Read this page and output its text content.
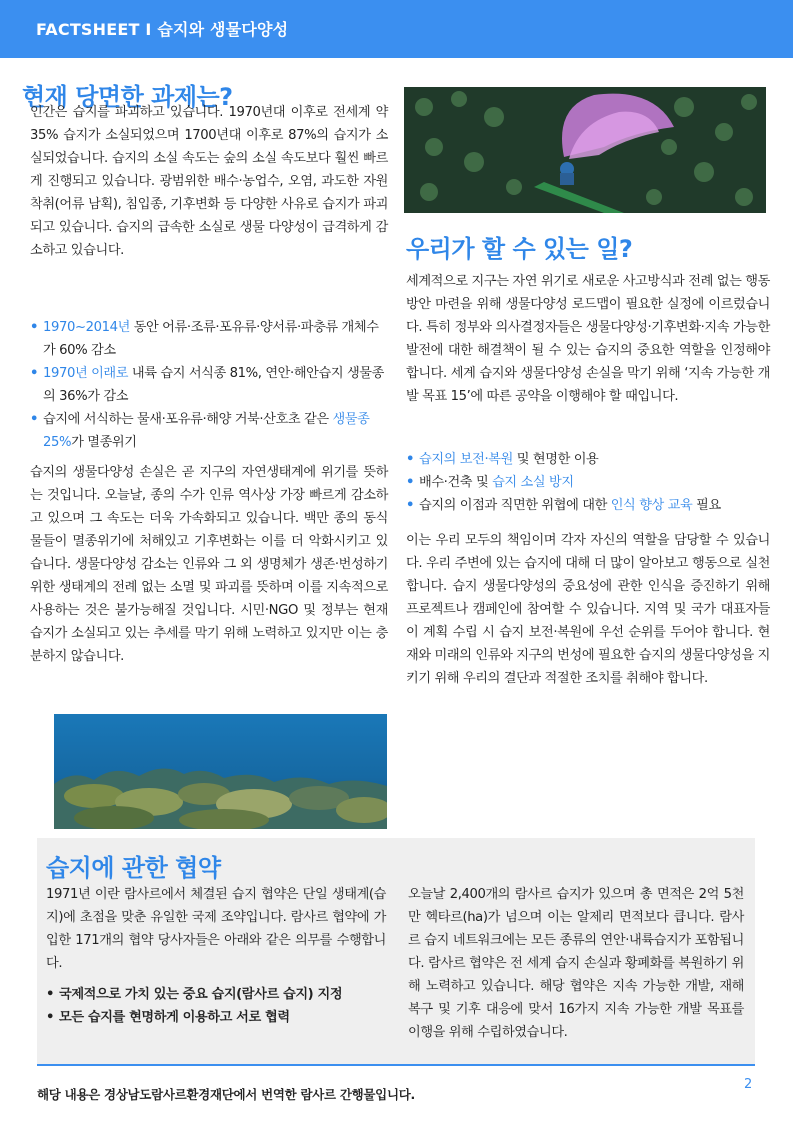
FACTSHEET I 습지와 생물다양성
현재 당면한 과제는?
인간은 습지를 파괴하고 있습니다. 1970년대 이후로 전세계 약 35% 습지가 소실되었으며 1700년대 이후로 87%의 습지가 소실되었습니다. 습지의 소실 속도는 숲의 소실 속도보다 훨씬 빠르게 진행되고 있습니다. 광범위한 배수·농업수, 오염, 과도한 자원 착취(어류 남획), 침입종, 기후변화 등 다양한 사유로 습지가 파괴되고 있습니다. 습지의 급속한 소실로 생물 다양성이 급격하게 감소하고 있습니다.
• 1970~2014년 동안 어류·조류·포유류·양서류·파충류 개체수가 60% 감소
• 1970년 이래로 내륙 습지 서식종 81%, 연안·해안습지 생물종의 36%가 감소
• 습지에 서식하는 물새·포유류·해양 거북·산호초 같은 생물종 25%가 멸종위기
습지의 생물다양성 손실은 곧 지구의 자연생태계에 위기를 뜻하는 것입니다. 오늘날, 종의 수가 인류 역사상 가장 빠르게 감소하고 있으며 그 속도는 더욱 가속화되고 있습니다. 백만 종의 동식물들이 멸종위기에 처해있고 기후변화는 이를 더 악화시키고 있습니다. 생물다양성 감소는 인류와 그 외 생명체가 생존·번성하기 위한 생태계의 전례 없는 소멸 및 파괴를 뜻하며 이를 지속적으로 사용하는 것은 불가능해질 것입니다. 시민·NGO 및 정부는 현재 습지가 소실되고 있는 추세를 막기 위해 노력하고 있지만 이는 충분하지 않습니다.
우리가 할 수 있는 일?
세계적으로 지구는 자연 위기로 새로운 사고방식과 전례 없는 행동 방안 마련을 위해 생물다양성 로드맵이 필요한 실정에 이르렀습니다. 특히 정부와 의사결정자들은 생물다양성·기후변화·지속 가능한 발전에 대한 해결책이 될 수 있는 습지의 중요한 역할을 인정해야합니다. 세계 습지와 생물다양성 손실을 막기 위해 ‘지속 가능한 개발 목표 15’에 따른 공약을 이행해야 할 때입니다.
• 습지의 보전·복원 및 현명한 이용
• 배수·건축 및 습지 소실 방지
• 습지의 이점과 직면한 위협에 대한 인식 향상 교육 필요
이는 우리 모두의 책임이며 각자 자신의 역할을 담당할 수 있습니다. 우리 주변에 있는 습지에 대해 더 많이 알아보고 행동으로 실천합니다. 습지 생물다양성의 중요성에 관한 인식을 증진하기 위해 프로젝트나 캠페인에 참여할 수 있습니다. 지역 및 국가 대표자들이 계획 수립 시 습지 보전·복원에 우선 순위를 두어야 합니다. 현재와 미래의 인류와 지구의 번성에 필요한 습지의 생물다양성을 지키기 위해 우리의 결단과 적절한 조치를 취해야 합니다.
습지에 관한 협약
1971년 이란 람사르에서 체결된 습지 협약은 단일 생태계(습지)에 초점을 맞춘 유일한 국제 조약입니다. 람사르 협약에 가입한 171개의 협약 당사자들은 아래와 같은 의무를 수행합니다.
• 국제적으로 가치 있는 중요 습지(람사르 습지) 지정
• 모든 습지를 현명하게 이용하고 서로 협력
오늘날 2,400개의 람사르 습지가 있으며 총 면적은 2억 5천만 헥타르(ha)가 넘으며 이는 알제리 면적보다 큽니다. 람사르 습지 네트워크에는 모든 종류의 연안·내륙습지가 포함됩니다. 람사르 협약은 전 세계 습지 손실과 황폐화를 복원하기 위해 노력하고 있습니다. 해당 협약은 지속 가능한 개발, 재해 복구 및 기후 대응에 맞서 16가지 지속 가능한 개발 목표를 이행을 위해 수립하였습니다.
해당 내용은 경상남도람사르환경재단에서 번역한 람사르 간행물입니다.
2
